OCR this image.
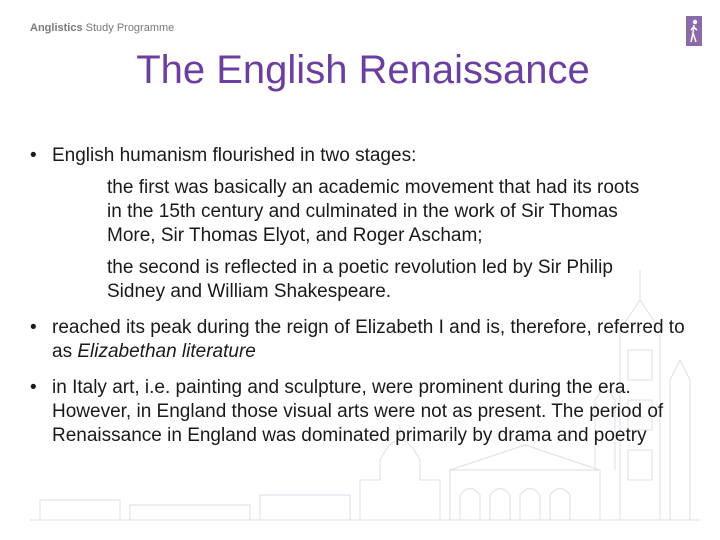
Anglistics Study Programme
The English Renaissance
• English humanism flourished in two stages:
the first was basically an academic movement that had its roots in the 15th century and culminated in the work of Sir Thomas More, Sir Thomas Elyot, and Roger Ascham;
the second is reflected in a poetic revolution led by Sir Philip Sidney and William Shakespeare.
• reached its peak during the reign of Elizabeth I and is, therefore, referred to as Elizabethan literature
• in Italy art, i.e. painting and sculpture, were prominent during the era. However, in England those visual arts were not as present. The period of Renaissance in England was dominated primarily by drama and poetry
